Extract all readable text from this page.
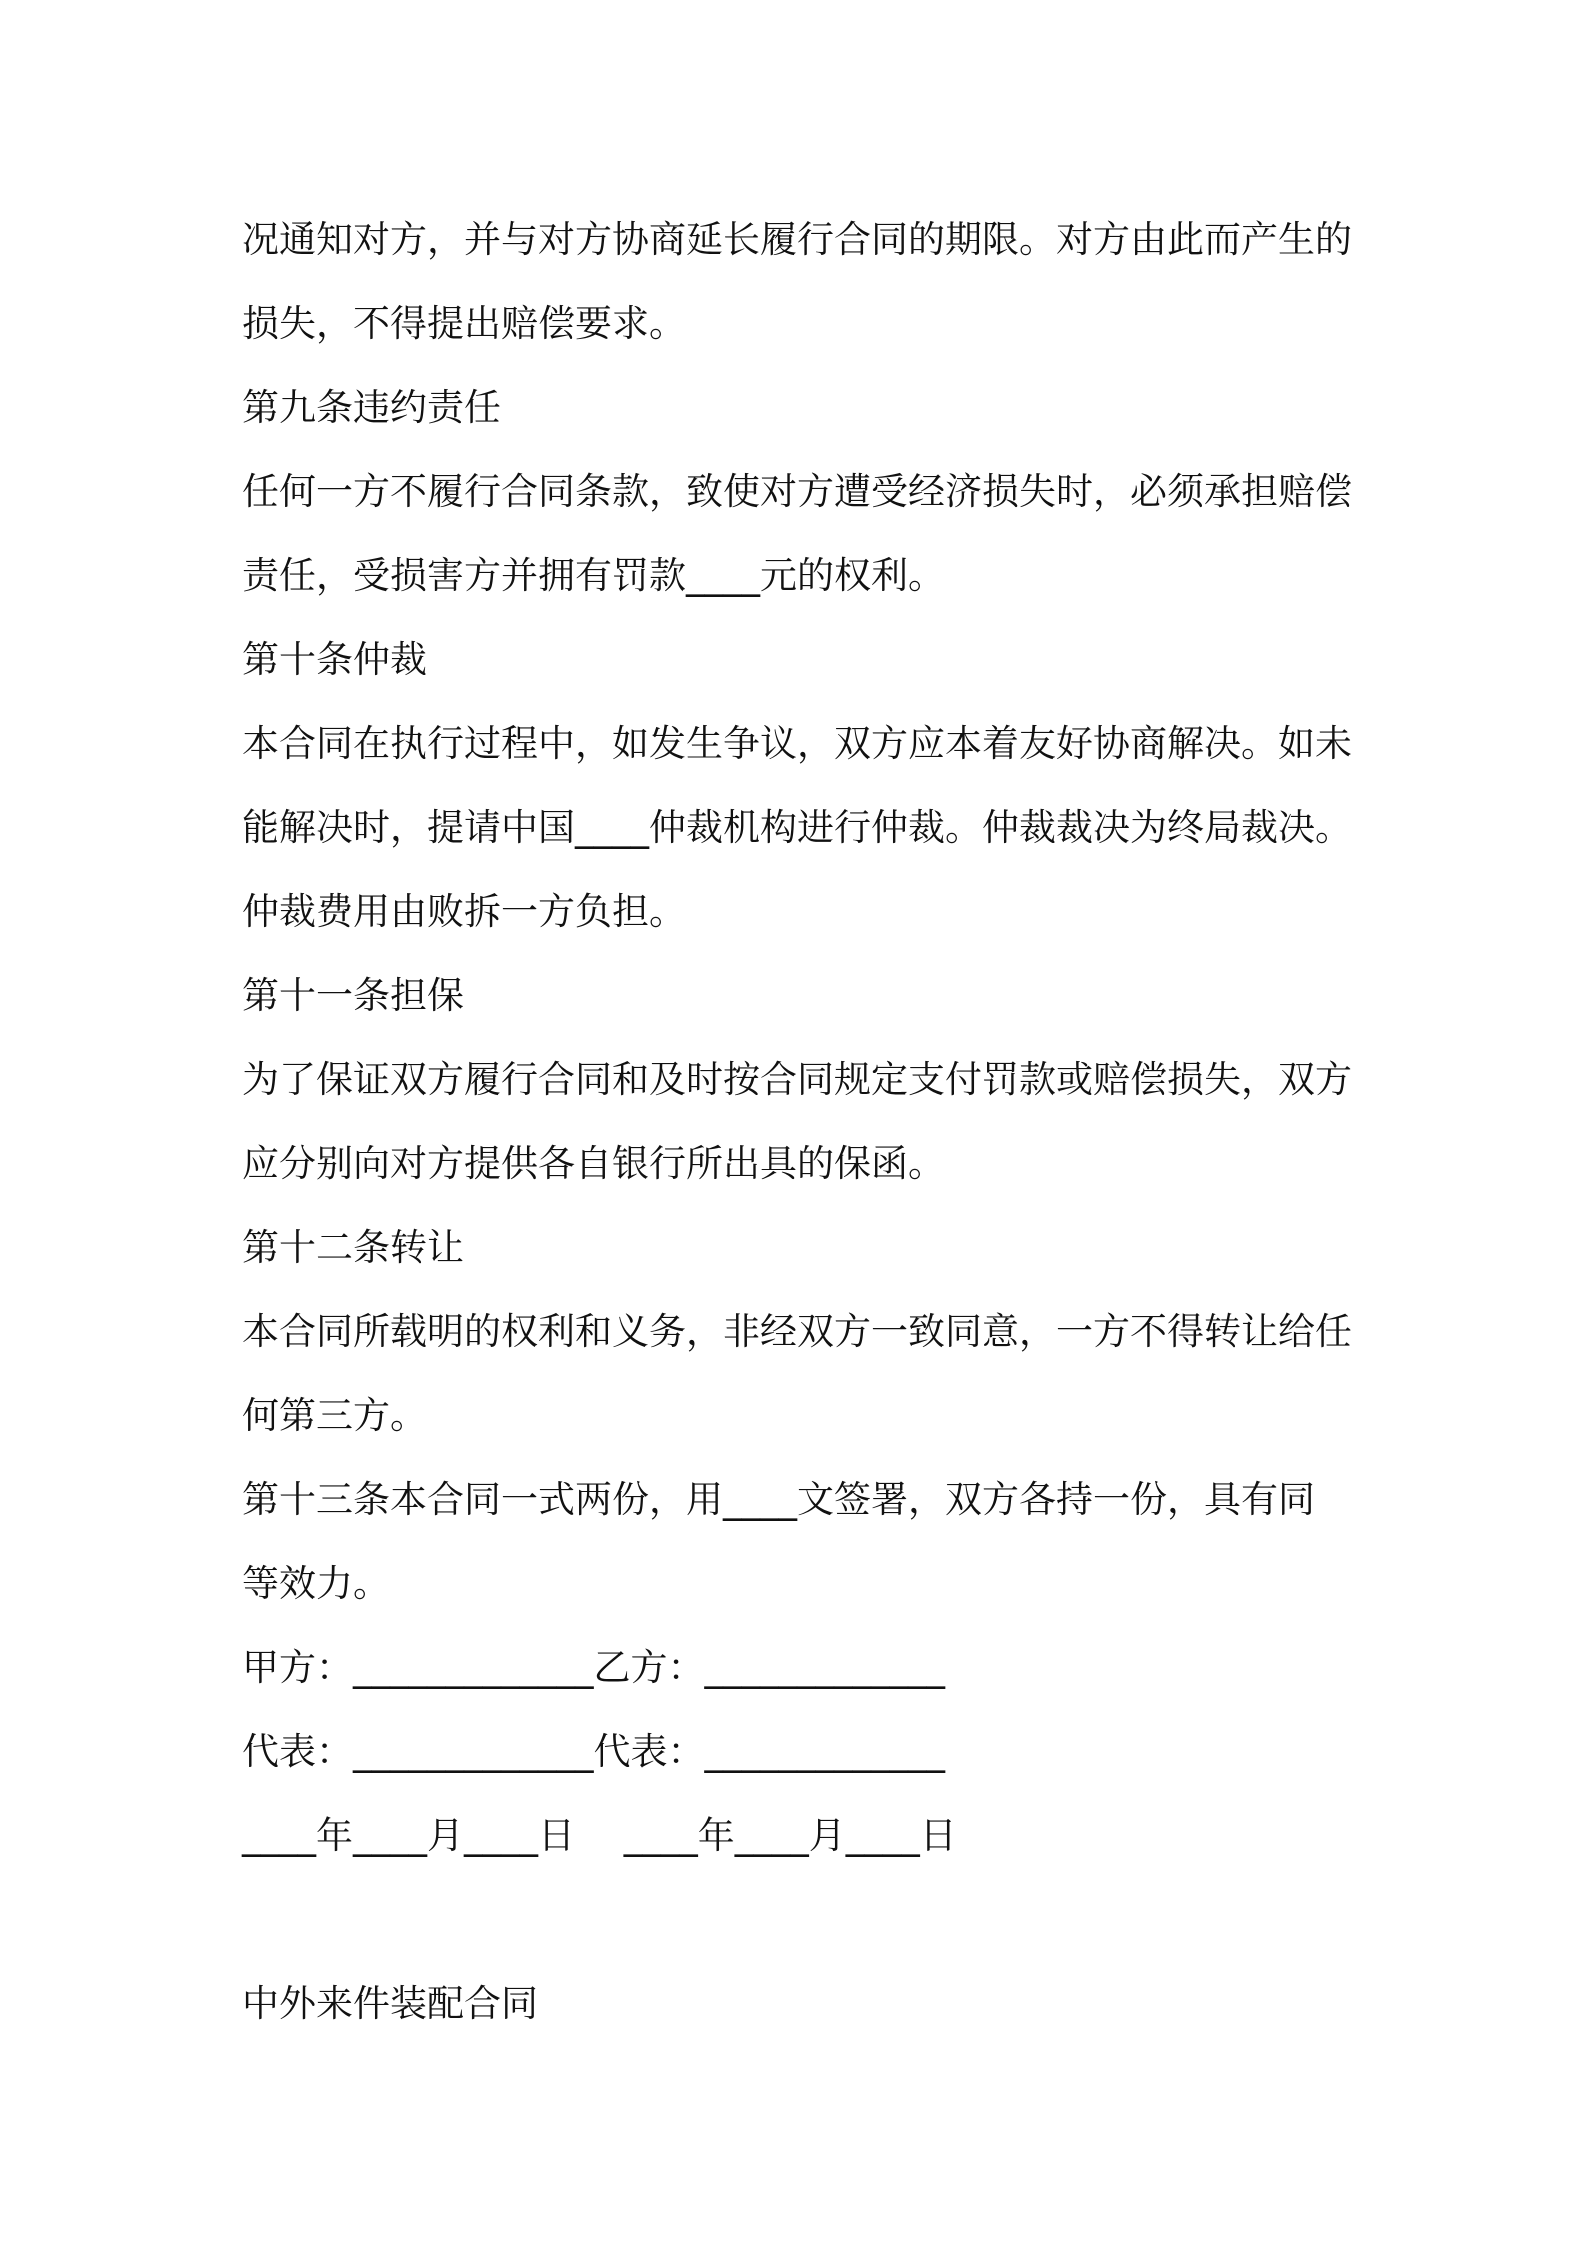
况通知对方，并与对方协商延长履行合同的期限。对方由此而产生的
损失，不得提出赔偿要求。
第九条违约责任
任何一方不履行合同条款，致使对方遭受经济损失时，必须承担赔偿
责任，受损害方并拥有罚款____元的权利。
第十条仲裁
本合同在执行过程中，如发生争议，双方应本着友好协商解决。如未
能解决时，提请中国____仲裁机构进行仲裁。仲裁裁决为终局裁决。
仲裁费用由败拆一方负担。
第十一条担保
为了保证双方履行合同和及时按合同规定支付罚款或赔偿损失，双方
应分别向对方提供各自银行所出具的保函。
第十二条转让
本合同所载明的权利和义务，非经双方一致同意，一方不得转让给任
何第三方。
第十三条本合同一式两份，用____文签署，双方各持一份，具有同
等效力。
甲方：_____________乙方：_____________
代表：_____________代表：_____________
____年____月____日　 ____年____月____日
中外来件装配合同
